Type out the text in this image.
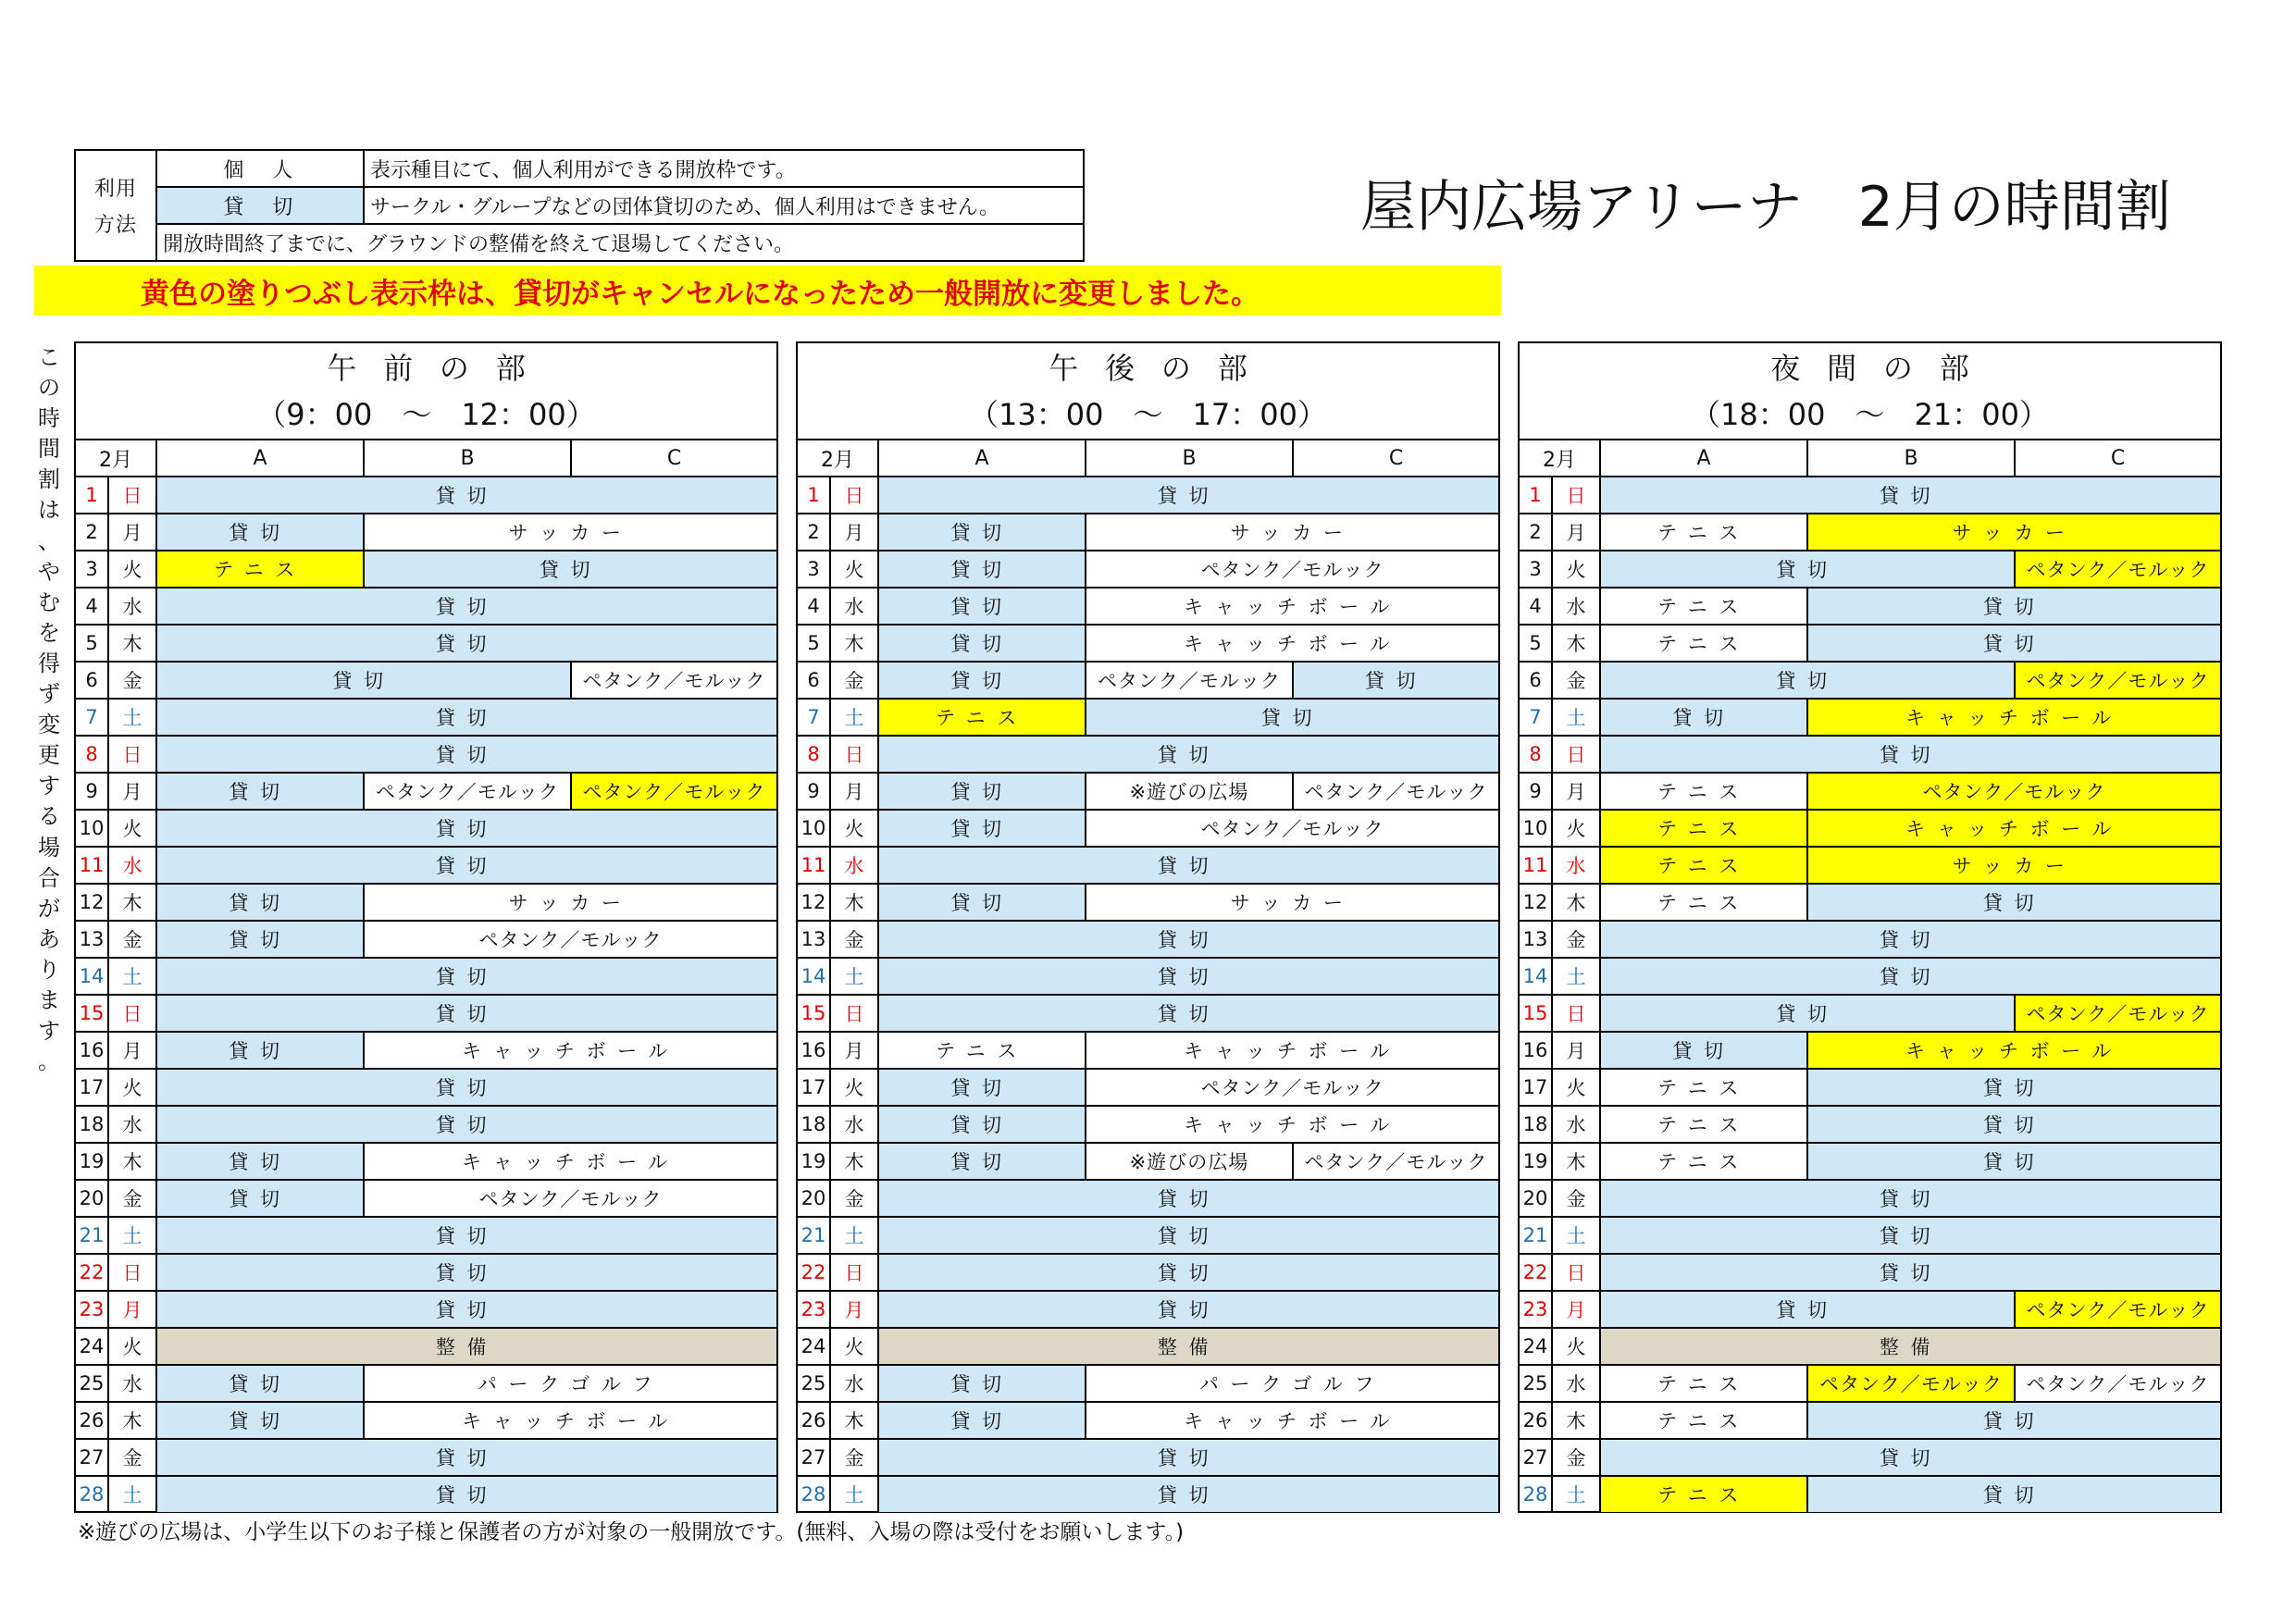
利用
方法
個　人	表示種目にて、個人利用ができる開放枠です。
貸　切	サークル・グループなどの団体貸切のため、個人利用はできません。
開放時間終了までに、グラウンドの整備を終えて退場してください。
黄色の塗りつぶし表示枠は、貸切がキャンセルになったため一般開放に変更しました。
屋内広場アリーナ　2月の時間割
こ
の
時
間
割
は
、
や
む
を
得
ず
変
更
す
る
場
合
が
あ
り
ま
す
。
午前の部
（9：00　～　12：00）
2月	A	B	C
1	日	貸切
2	月	貸切	サッカー
3	火	テニス	貸切
4	水	貸切
5	木	貸切
6	金	貸切	ペタンク／モルック
7	土	貸切
8	日	貸切
9	月	貸切	ペタンク／モルック	ペタンク／モルック
10 火	貸切
11 水	貸切
12 木	貸切	サッカー
13 金	貸切	ペタンク／モルック
14 土	貸切
15 日	貸切
16 月	貸切	キャッチボール
17 火	貸切
18 水	貸切
19 木	貸切	キャッチボール
20 金	貸切	ペタンク／モルック
21 土	貸切
22 日	貸切
23 月	貸切
24 火	整備
25 水	貸切	パークゴルフ
26 木	貸切	キャッチボール
27 金	貸切
28 土	貸切
午後の部
（13：00　～　17：00）
2月	A	B	C
1	日	貸切
2	月	貸切	サッカー
3	火	貸切	ペタンク／モルック
4	水	貸切	キャッチボール
5	木	貸切	キャッチボール
6	金	貸切	ペタンク／モルック	貸切
7	土	テニス	貸切
8	日	貸切
9	月	貸切	※遊びの広場	ペタンク／モルック
10 火	貸切	ペタンク／モルック
11 水	貸切
12 木	貸切	サッカー
13 金	貸切
14 土	貸切
15 日	貸切
16 月	テニス	キャッチボール
17 火	貸切	ペタンク／モルック
18 水	貸切	キャッチボール
19 木	貸切	※遊びの広場	ペタンク／モルック
20 金	貸切
21 土	貸切
22 日	貸切
23 月	貸切
24 火	整備
25 水	貸切	パークゴルフ
26 木	貸切	キャッチボール
27 金	貸切
28 土	貸切
夜間の部
（18：00　～　21：00）
2月	A	B	C
1	日	貸切
2	月	テニス	サッカー
3	火	貸切	ペタンク／モルック
4	水	テニス	貸切
5	木	テニス	貸切
6	金	貸切	ペタンク／モルック
7	土	貸切	キャッチボール
8	日	貸切
9	月	テニス	ペタンク／モルック
10 火	テニス	キャッチボール
11 水	テニス	サッカー
12 木	テニス	貸切
13 金	貸切
14 土	貸切
15 日	貸切	ペタンク／モルック
16 月	貸切	キャッチボール
17 火	テニス	貸切
18 水	テニス	貸切
19 木	テニス	貸切
20 金	貸切
21 土	貸切
22 日	貸切
23 月	貸切	ペタンク／モルック
24 火	整備
25 水	テニス	ペタンク／モルック	ペタンク／モルック
26 木	テニス	貸切
27 金	貸切
28 土	テニス	貸切
※遊びの広場は、小学生以下のお子様と保護者の方が対象の一般開放です。(無料、入場の際は受付をお願いします。)
